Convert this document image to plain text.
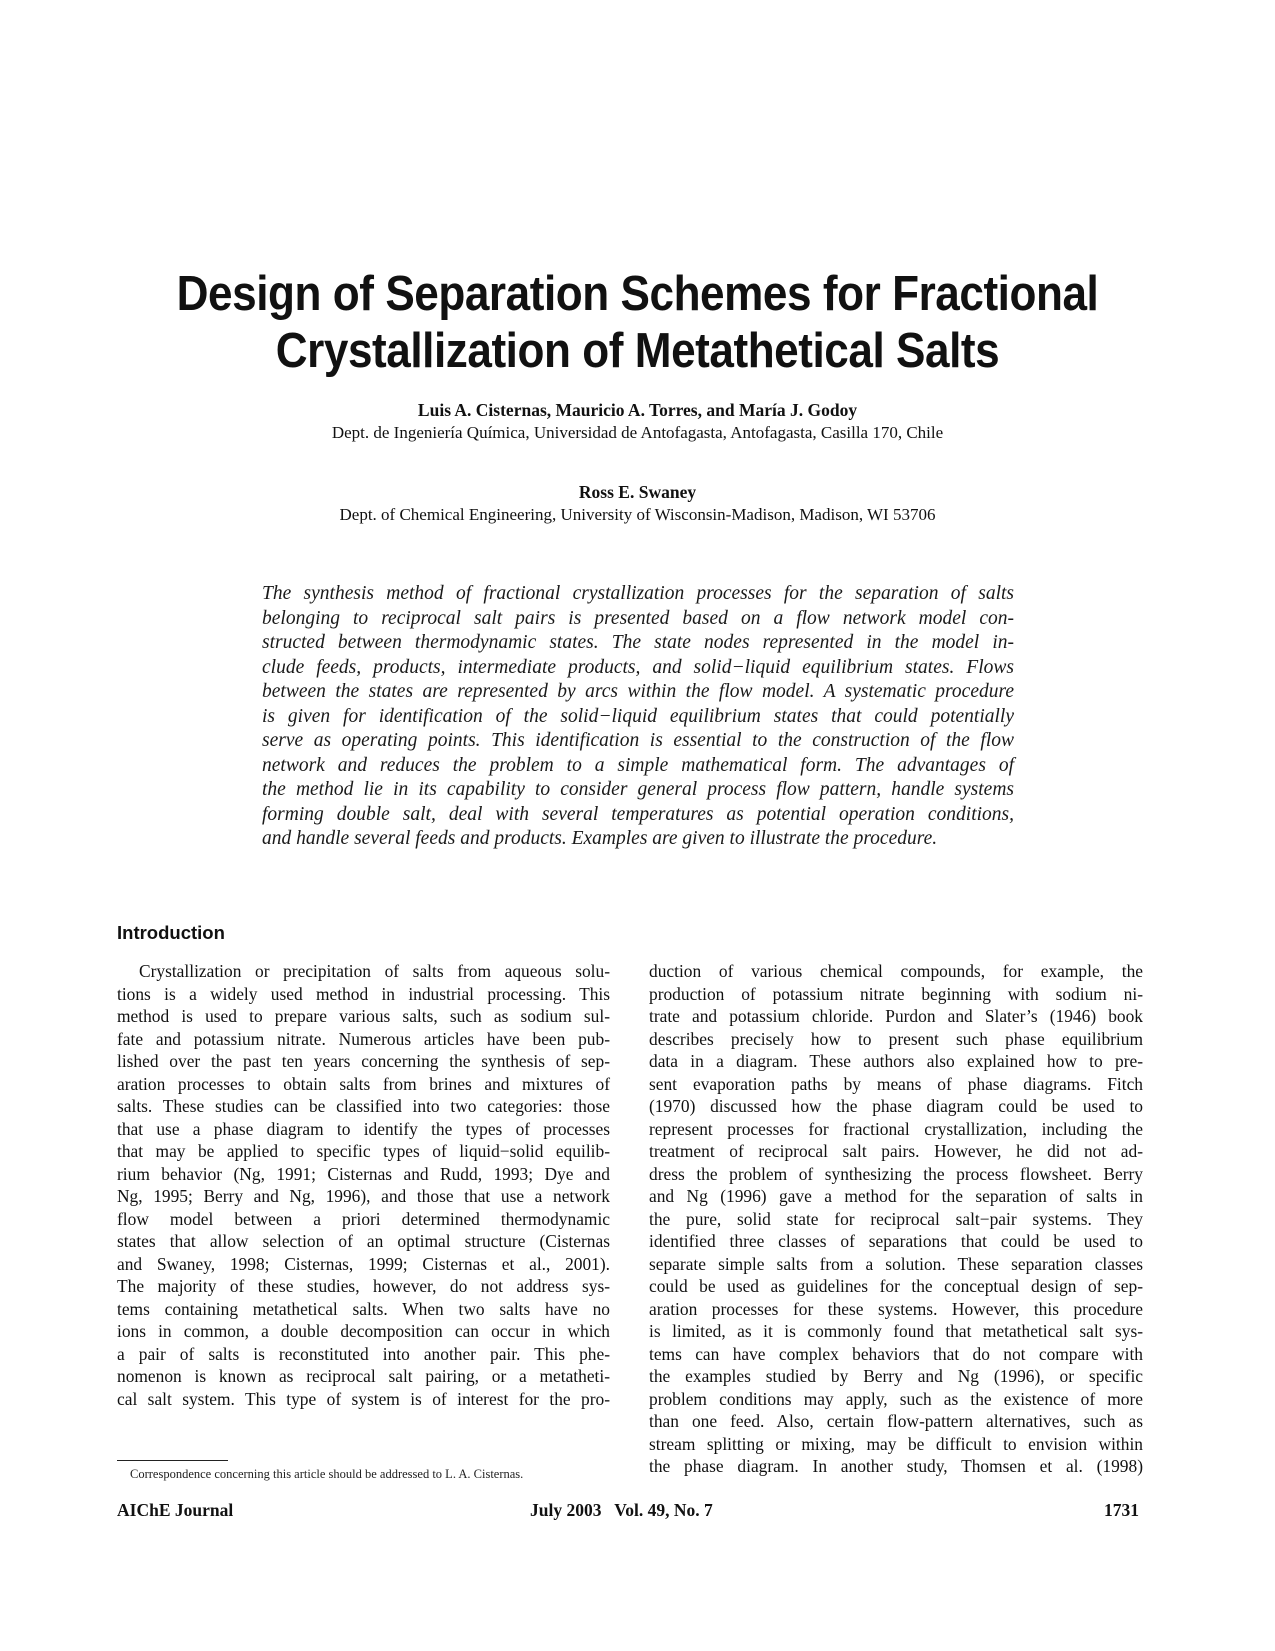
Design of Separation Schemes for Fractional
Crystallization of Metathetical Salts
Luis A. Cisternas, Mauricio A. Torres, and María J. Godoy
Dept. de Ingeniería Química, Universidad de Antofagasta, Antofagasta, Casilla 170, Chile
Ross E. Swaney
Dept. of Chemical Engineering, University of Wisconsin-Madison, Madison, WI 53706
The synthesis method of fractional crystallization processes for the separation of salts
belonging to reciprocal salt pairs is presented based on a flow network model con-
structed between thermodynamic states. The state nodes represented in the model in-
clude feeds, products, intermediate products, and solid−liquid equilibrium states. Flows
between the states are represented by arcs within the flow model. A systematic procedure
is given for identification of the solid−liquid equilibrium states that could potentially
serve as operating points. This identification is essential to the construction of the flow
network and reduces the problem to a simple mathematical form. The advantages of
the method lie in its capability to consider general process flow pattern, handle systems
forming double salt, deal with several temperatures as potential operation conditions,
and handle several feeds and products. Examples are given to illustrate the procedure.
Introduction
Crystallization or precipitation of salts from aqueous solu-
tions is a widely used method in industrial processing. This
method is used to prepare various salts, such as sodium sul-
fate and potassium nitrate. Numerous articles have been pub-
lished over the past ten years concerning the synthesis of sep-
aration processes to obtain salts from brines and mixtures of
salts. These studies can be classified into two categories: those
that use a phase diagram to identify the types of processes
that may be applied to specific types of liquid−solid equilib-
rium behavior (Ng, 1991; Cisternas and Rudd, 1993; Dye and
Ng, 1995; Berry and Ng, 1996), and those that use a network
flow model between a priori determined thermodynamic
states that allow selection of an optimal structure (Cisternas
and Swaney, 1998; Cisternas, 1999; Cisternas et al., 2001).
The majority of these studies, however, do not address sys-
tems containing metathetical salts. When two salts have no
ions in common, a double decomposition can occur in which
a pair of salts is reconstituted into another pair. This phe-
nomenon is known as reciprocal salt pairing, or a metatheti-
cal salt system. This type of system is of interest for the pro-
duction of various chemical compounds, for example, the
production of potassium nitrate beginning with sodium ni-
trate and potassium chloride. Purdon and Slater’s (1946) book
describes precisely how to present such phase equilibrium
data in a diagram. These authors also explained how to pre-
sent evaporation paths by means of phase diagrams. Fitch
(1970) discussed how the phase diagram could be used to
represent processes for fractional crystallization, including the
treatment of reciprocal salt pairs. However, he did not ad-
dress the problem of synthesizing the process flowsheet. Berry
and Ng (1996) gave a method for the separation of salts in
the pure, solid state for reciprocal salt−pair systems. They
identified three classes of separations that could be used to
separate simple salts from a solution. These separation classes
could be used as guidelines for the conceptual design of sep-
aration processes for these systems. However, this procedure
is limited, as it is commonly found that metathetical salt sys-
tems can have complex behaviors that do not compare with
the examples studied by Berry and Ng (1996), or specific
problem conditions may apply, such as the existence of more
than one feed. Also, certain flow-pattern alternatives, such as
stream splitting or mixing, may be difficult to envision within
the phase diagram. In another study, Thomsen et al. (1998)
Correspondence concerning this article should be addressed to L. A. Cisternas.
AIChE Journal	July 2003   Vol. 49, No. 7	1731
